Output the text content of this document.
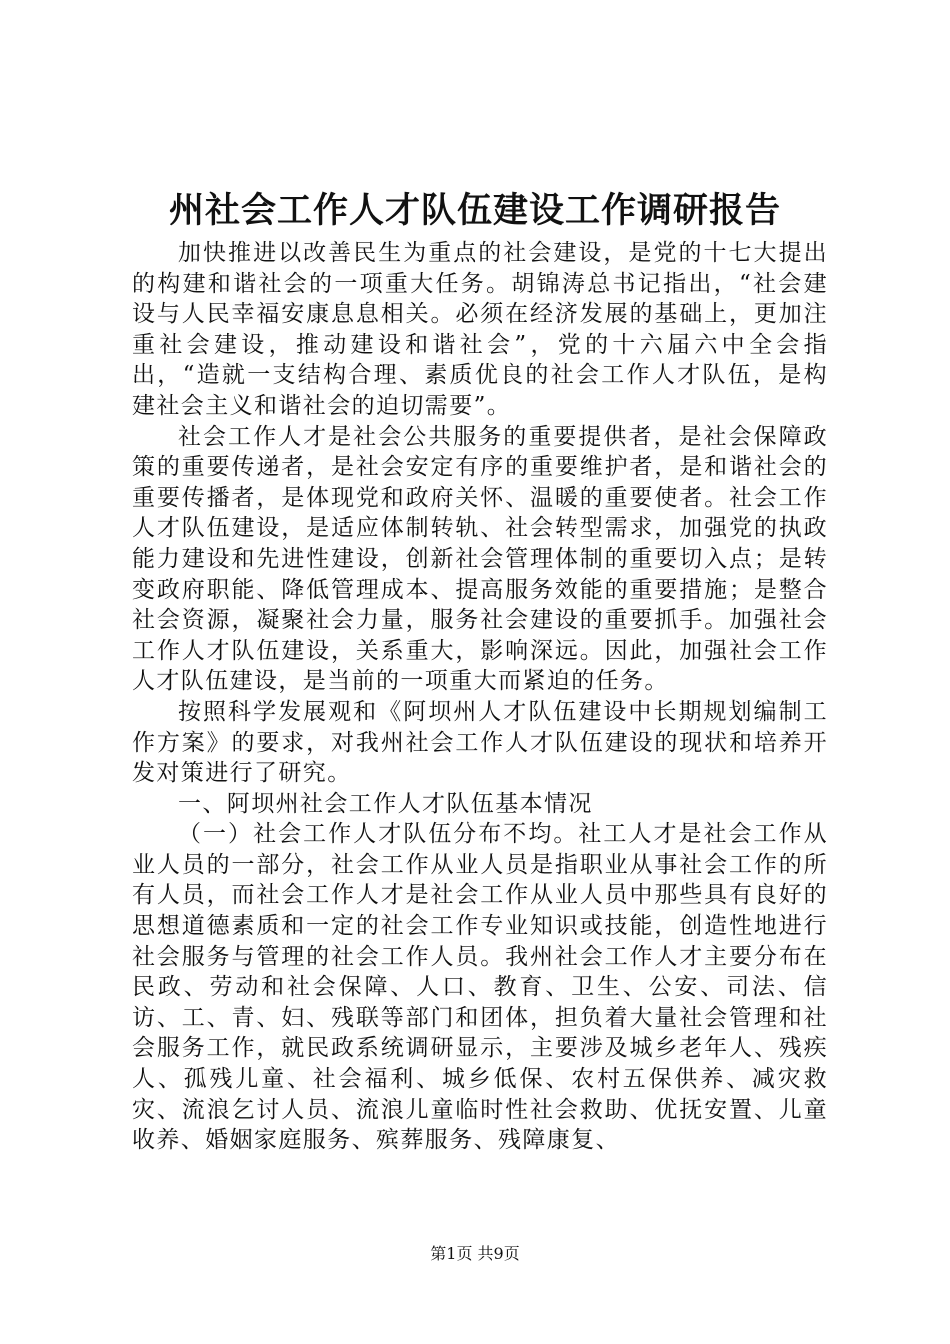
州社会工作人才队伍建设工作调研报告

加快推进以改善民生为重点的社会建设，是党的十七大提出的构建和谐社会的一项重大任务。胡锦涛总书记指出，“社会建设与人民幸福安康息息相关。必须在经济发展的基础上，更加注重社会建设，推动建设和谐社会”，党的十六届六中全会指出，“造就一支结构合理、素质优良的社会工作人才队伍，是构建社会主义和谐社会的迫切需要”。

社会工作人才是社会公共服务的重要提供者，是社会保障政策的重要传递者，是社会安定有序的重要维护者，是和谐社会的重要传播者，是体现党和政府关怀、温暖的重要使者。社会工作人才队伍建设，是适应体制转轨、社会转型需求，加强党的执政能力建设和先进性建设，创新社会管理体制的重要切入点；是转变政府职能、降低管理成本、提高服务效能的重要措施；是整合社会资源，凝聚社会力量，服务社会建设的重要抓手。加强社会工作人才队伍建设，关系重大，影响深远。因此，加强社会工作人才队伍建设，是当前的一项重大而紧迫的任务。

按照科学发展观和《阿坝州人才队伍建设中长期规划编制工作方案》的要求，对我州社会工作人才队伍建设的现状和培养开发对策进行了研究。

一、阿坝州社会工作人才队伍基本情况

（一）社会工作人才队伍分布不均。社工人才是社会工作从业人员的一部分，社会工作从业人员是指职业从事社会工作的所有人员，而社会工作人才是社会工作从业人员中那些具有良好的思想道德素质和一定的社会工作专业知识或技能，创造性地进行社会服务与管理的社会工作人员。我州社会工作人才主要分布在民政、劳动和社会保障、人口、教育、卫生、公安、司法、信访、工、青、妇、残联等部门和团体，担负着大量社会管理和社会服务工作，就民政系统调研显示，主要涉及城乡老年人、残疾人、孤残儿童、社会福利、城乡低保、农村五保供养、减灾救灾、流浪乞讨人员、流浪儿童临时性社会救助、优抚安置、儿童收养、婚姻家庭服务、殡葬服务、残障康复、

第1页 共9页
